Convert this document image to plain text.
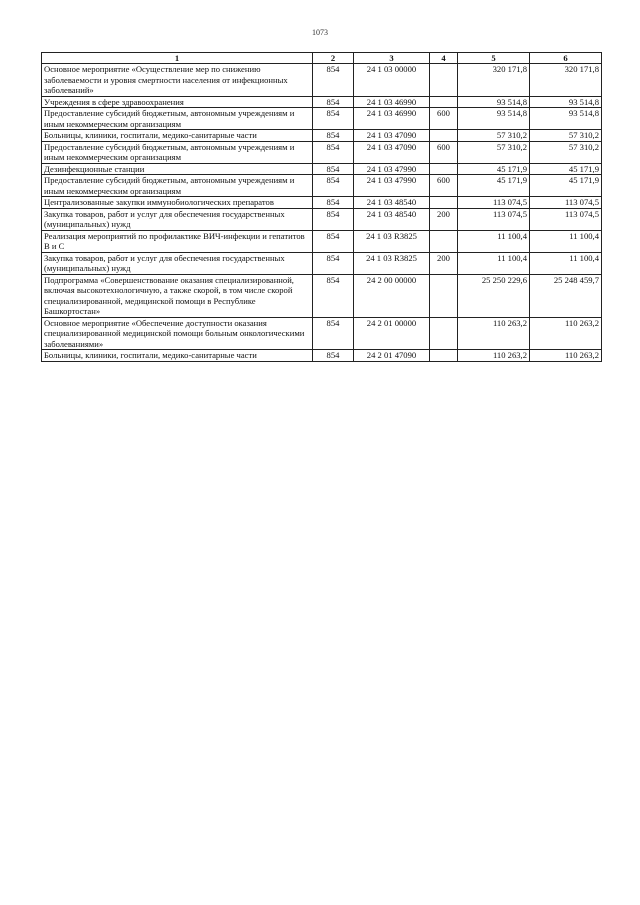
1073
1	2	3	4	5	6
Основное мероприятие «Осуществление мер по снижению заболеваемости и уровня смертности населения от инфекционных заболеваний»	854	24 1 03 00000		320 171,8	320 171,8
Учреждения в сфере здравоохранения	854	24 1 03 46990		93 514,8	93 514,8
Предоставление субсидий бюджетным, автономным учреждениям и иным некоммерческим организациям	854	24 1 03 46990	600	93 514,8	93 514,8
Больницы, клиники, госпитали, медико-санитарные части	854	24 1 03 47090		57 310,2	57 310,2
Предоставление субсидий бюджетным, автономным учреждениям и иным некоммерческим организациям	854	24 1 03 47090	600	57 310,2	57 310,2
Дезинфекционные станции	854	24 1 03 47990		45 171,9	45 171,9
Предоставление субсидий бюджетным, автономным учреждениям и иным некоммерческим организациям	854	24 1 03 47990	600	45 171,9	45 171,9
Централизованные закупки иммунобиологических препаратов	854	24 1 03 48540		113 074,5	113 074,5
Закупка товаров, работ и услуг для обеспечения государственных (муниципальных) нужд	854	24 1 03 48540	200	113 074,5	113 074,5
Реализация мероприятий по профилактике ВИЧ-инфекции и гепатитов В и С	854	24 1 03 R3825		11 100,4	11 100,4
Закупка товаров, работ и услуг для обеспечения государственных (муниципальных) нужд	854	24 1 03 R3825	200	11 100,4	11 100,4
Подпрограмма «Совершенствование оказания специализированной, включая высокотехнологичную, а также скорой, в том числе скорой специализированной, медицинской помощи в Республике Башкортостан»	854	24 2 00 00000		25 250 229,6	25 248 459,7
Основное мероприятие «Обеспечение доступности оказания специализированной медицинской помощи больным онкологическими заболеваниями»	854	24 2 01 00000		110 263,2	110 263,2
Больницы, клиники, госпитали, медико-санитарные части	854	24 2 01 47090		110 263,2	110 263,2
